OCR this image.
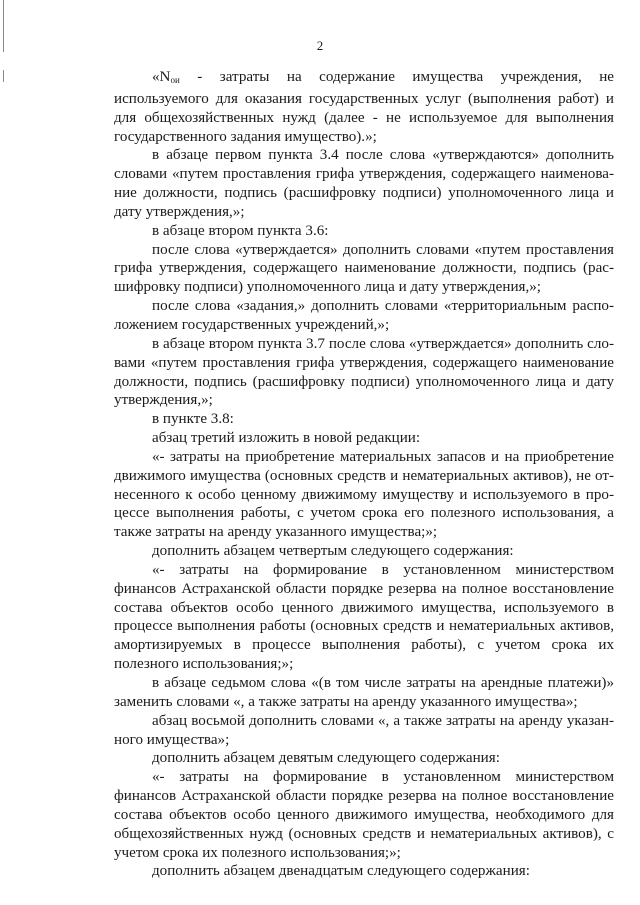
2

«$N_{ои}$ - затраты на содержание имущества учреждения, не используемого для оказания государственных услуг (выполнения работ) и для общехозяйственных нужд (далее - не используемое для выполнения государственного задания имущество).»;

в абзаце первом пункта 3.4 после слова «утверждаются» дополнить словами «путем проставления грифа утверждения, содержащего наименование должности, подпись (расшифровку подписи) уполномоченного лица и дату утверждения,»;

в абзаце втором пункта 3.6:

после слова «утверждается» дополнить словами «путем проставления грифа утверждения, содержащего наименование должности, подпись (расшифровку подписи) уполномоченного лица и дату утверждения,»;

после слова «задания,» дополнить словами «территориальным расположением государственных учреждений,»;

в абзаце втором пункта 3.7 после слова «утверждается» дополнить словами «путем проставления грифа утверждения, содержащего наименование должности, подпись (расшифровку подписи) уполномоченного лица и дату утверждения,»;

в пункте 3.8:

абзац третий изложить в новой редакции:

«- затраты на приобретение материальных запасов и на приобретение движимого имущества (основных средств и нематериальных активов), не отнесенного к особо ценному движимому имуществу и используемого в процессе выполнения работы, с учетом срока его полезного использования, а также затраты на аренду указанного имущества;»;

дополнить абзацем четвертым следующего содержания:

«- затраты на формирование в установленном министерством финансов Астраханской области порядке резерва на полное восстановление состава объектов особо ценного движимого имущества, используемого в процессе выполнения работы (основных средств и нематериальных активов, амортизируемых в процессе выполнения работы), с учетом срока их полезного использования;»;

в абзаце седьмом слова «(в том числе затраты на арендные платежи)» заменить словами «, а также затраты на аренду указанного имущества»;

абзац восьмой дополнить словами «, а также затраты на аренду указанного имущества»;

дополнить абзацем девятым следующего содержания:

«- затраты на формирование в установленном министерством финансов Астраханской области порядке резерва на полное восстановление состава объектов особо ценного движимого имущества, необходимого для общехозяйственных нужд (основных средств и нематериальных активов), с учетом срока их полезного использования;»;

дополнить абзацем двенадцатым следующего содержания:
